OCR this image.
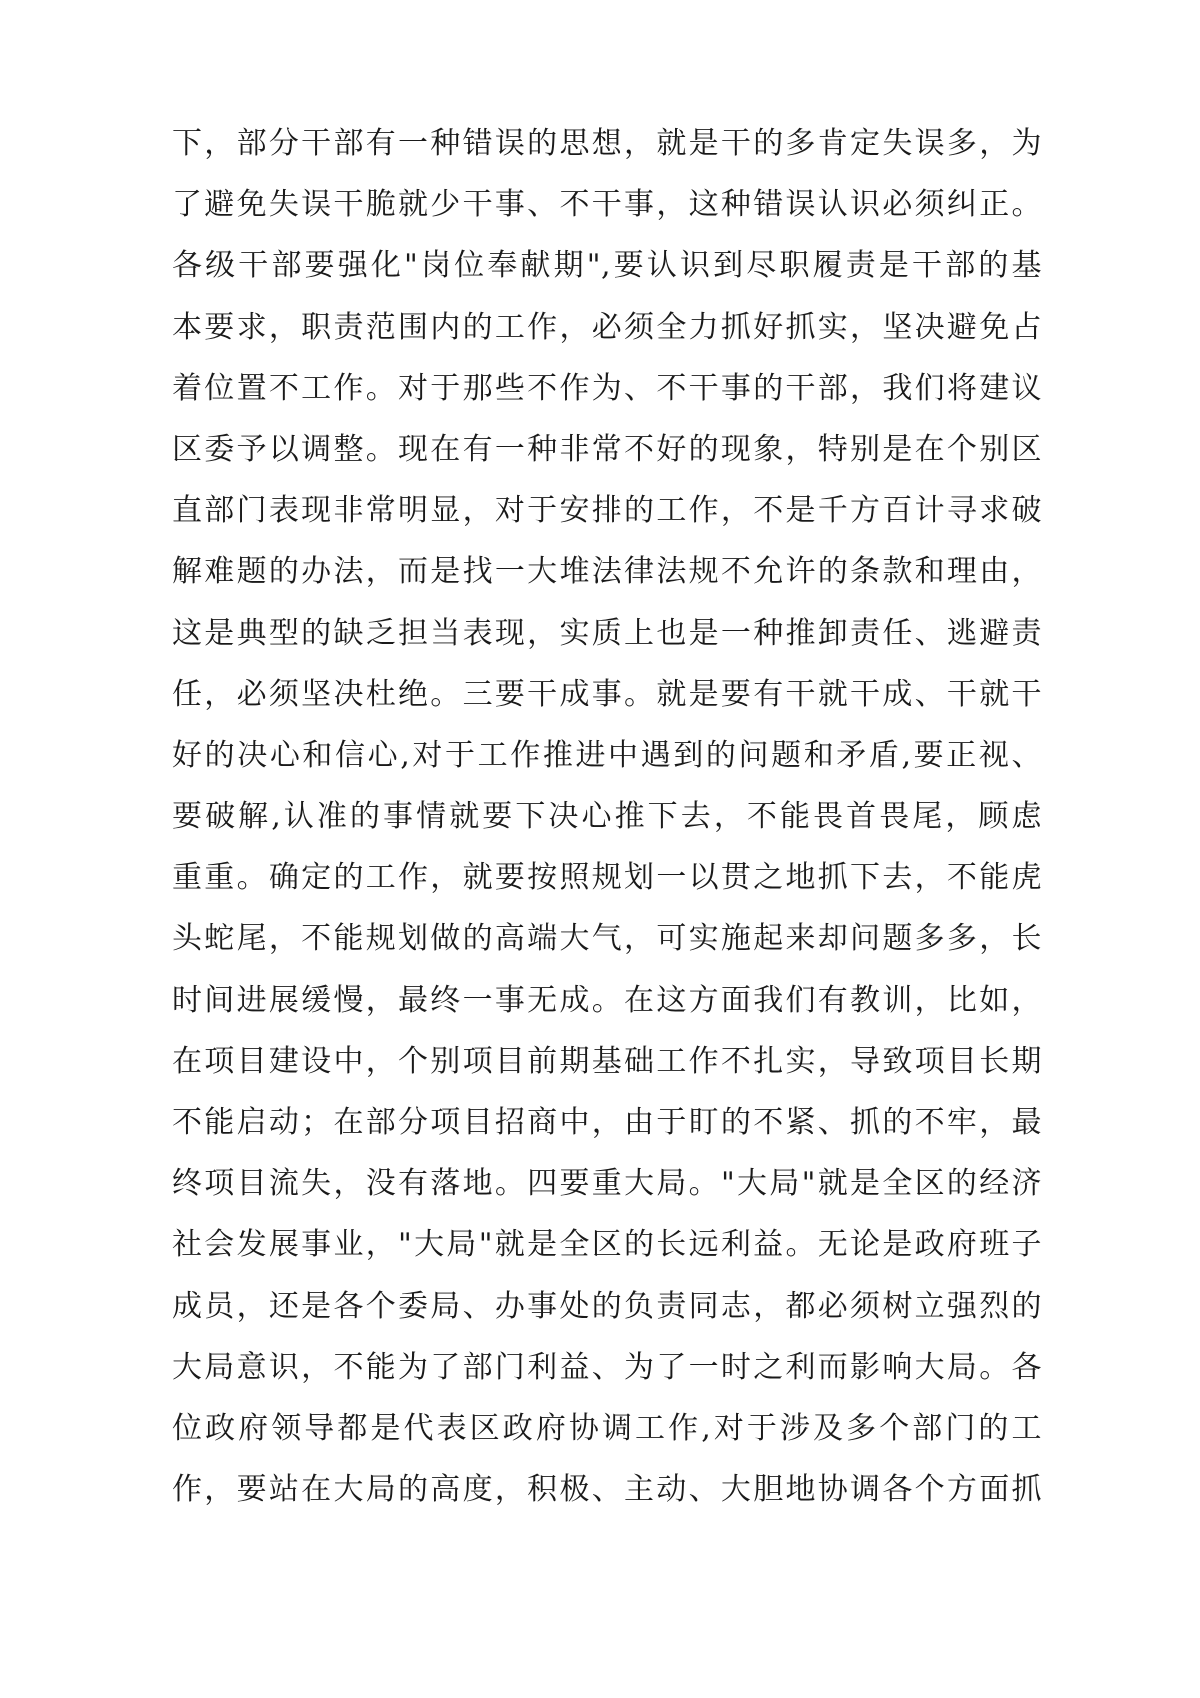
下，部分干部有一种错误的思想，就是干的多肯定失误多，为
了避免失误干脆就少干事、不干事，这种错误认识必须纠正。
各级干部要强化"岗位奉献期",要认识到尽职履责是干部的基
本要求，职责范围内的工作，必须全力抓好抓实，坚决避免占
着位置不工作。对于那些不作为、不干事的干部，我们将建议
区委予以调整。现在有一种非常不好的现象，特别是在个别区
直部门表现非常明显，对于安排的工作，不是千方百计寻求破
解难题的办法，而是找一大堆法律法规不允许的条款和理由，
这是典型的缺乏担当表现，实质上也是一种推卸责任、逃避责
任，必须坚决杜绝。三要干成事。就是要有干就干成、干就干
好的决心和信心,对于工作推进中遇到的问题和矛盾,要正视、
要破解,认准的事情就要下决心推下去，不能畏首畏尾，顾虑
重重。确定的工作，就要按照规划一以贯之地抓下去，不能虎
头蛇尾，不能规划做的高端大气，可实施起来却问题多多，长
时间进展缓慢，最终一事无成。在这方面我们有教训，比如，
在项目建设中，个别项目前期基础工作不扎实，导致项目长期
不能启动；在部分项目招商中，由于盯的不紧、抓的不牢，最
终项目流失，没有落地。四要重大局。"大局"就是全区的经济
社会发展事业，"大局"就是全区的长远利益。无论是政府班子
成员，还是各个委局、办事处的负责同志，都必须树立强烈的
大局意识，不能为了部门利益、为了一时之利而影响大局。各
位政府领导都是代表区政府协调工作,对于涉及多个部门的工
作，要站在大局的高度，积极、主动、大胆地协调各个方面抓
